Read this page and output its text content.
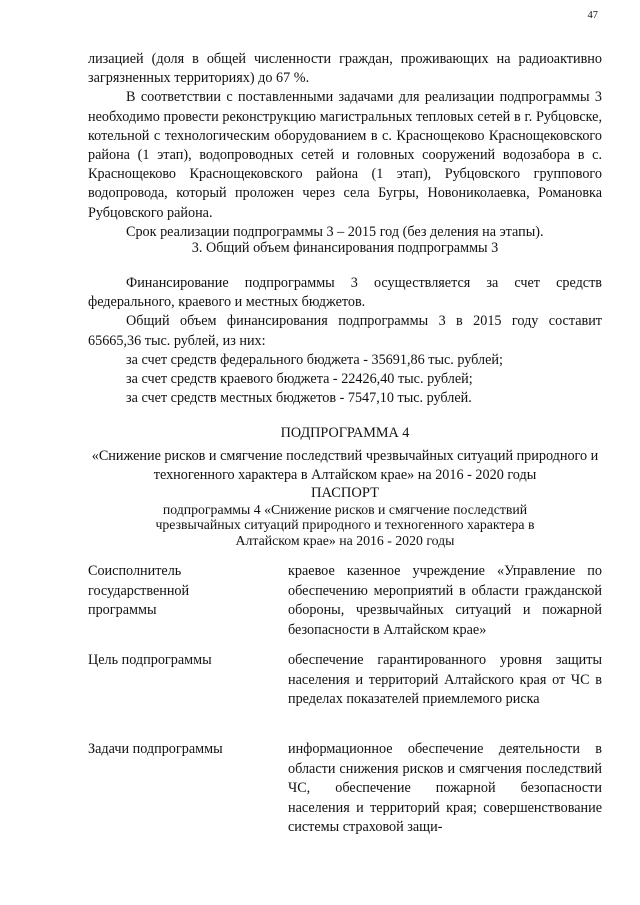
47

лизацией (доля в общей численности граждан, проживающих на радиоактивно загрязненных территориях) до 67 %.

В соответствии с поставленными задачами для реализации подпрограммы 3 необходимо провести реконструкцию магистральных тепловых сетей в г. Рубцовске, котельной с технологическим оборудованием в с. Краснощеково Краснощековского района (1 этап), водопроводных сетей и головных сооружений водозабора в с. Краснощеково Краснощековского района (1 этап), Рубцовского группового водопровода, который проложен через села Бугры, Новониколаевка, Романовка Рубцовского района.

Срок реализации подпрограммы 3 – 2015 год (без деления на этапы).

3. Общий объем финансирования подпрограммы 3

Финансирование подпрограммы 3 осуществляется за счет средств федерального, краевого и местных бюджетов.

Общий объем финансирования подпрограммы 3 в 2015 году составит 65665,36 тыс. рублей, из них:

за счет средств федерального бюджета - 35691,86 тыс. рублей;

за счет средств краевого бюджета - 22426,40 тыс. рублей;

за счет средств местных бюджетов - 7547,10 тыс. рублей.

ПОДПРОГРАММА 4
«Снижение рисков и смягчение последствий чрезвычайных ситуаций природного и техногенного характера в Алтайском крае» на 2016 - 2020 годы
ПАСПОРТ
подпрограммы 4 «Снижение рисков и смягчение последствий чрезвычайных ситуаций природного и техногенного характера в Алтайском крае» на 2016 - 2020 годы
Соисполнитель государственной программы
краевое казенное учреждение «Управление по обеспечению мероприятий в области гражданской обороны, чрезвычайных ситуаций и пожарной безопасности в Алтайском крае»
Цель подпрограммы	обеспечение гарантированного уровня защиты населения и территорий Алтайского края от ЧС в пределах показателей приемлемого риска
Задачи подпрограммы	информационное обеспечение деятельности в области снижения рисков и смягчения последствий ЧС, обеспечение пожарной безопасности населения и территорий края; совершенствование системы страховой защи-
